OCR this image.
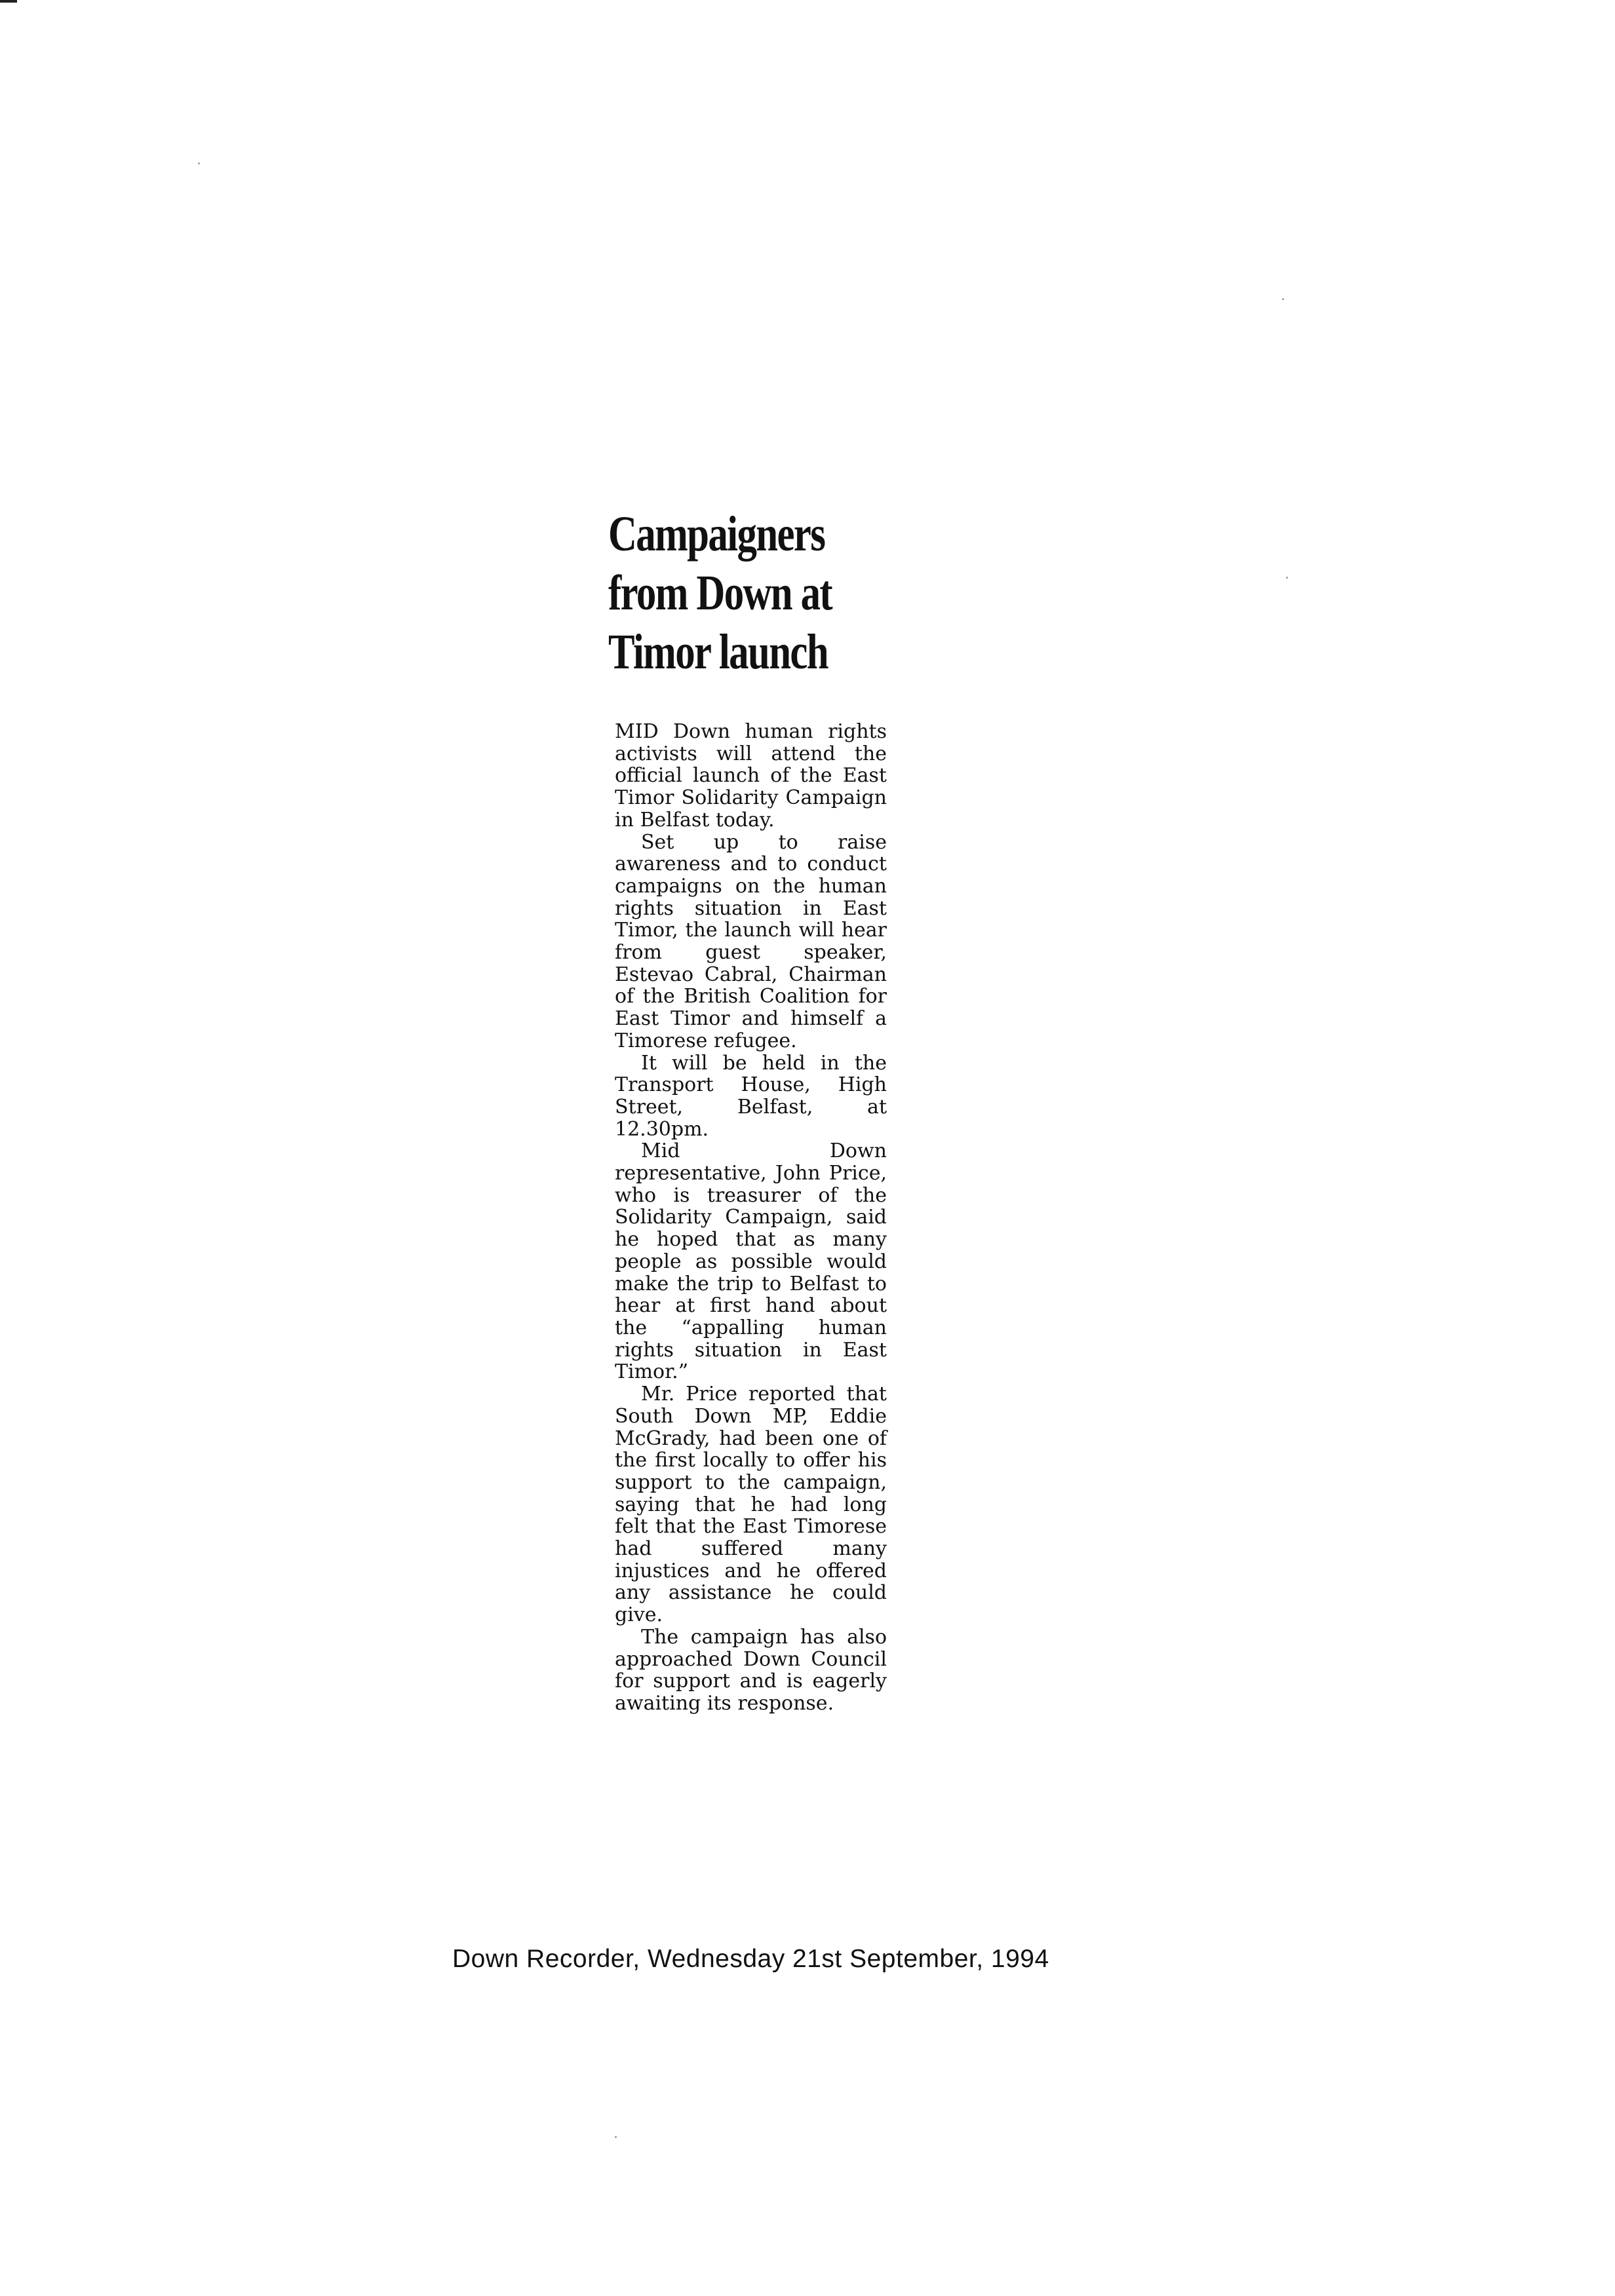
Campaigners
from Down at
Timor launch

MID Down human rights activists will attend the official launch of the East Timor Solidarity Campaign in Belfast today.

Set up to raise awareness and to conduct campaigns on the human rights situation in East Timor, the launch will hear from guest speaker, Estevao Cabral, Chairman of the British Coalition for East Timor and himself a Timorese refugee.

It will be held in the Transport House, High Street, Belfast, at 12.30pm.

Mid Down representative, John Price, who is treasurer of the Solidarity Campaign, said he hoped that as many people as possible would make the trip to Belfast to hear at first hand about the “appalling human rights situation in East Timor.”

Mr. Price reported that South Down MP, Eddie McGrady, had been one of the first locally to offer his support to the campaign, saying that he had long felt that the East Timorese had suffered many injustices and he offered any assistance he could give.

The campaign has also approached Down Council for support and is eagerly awaiting its response.

Down Recorder, Wednesday 21st September, 1994
